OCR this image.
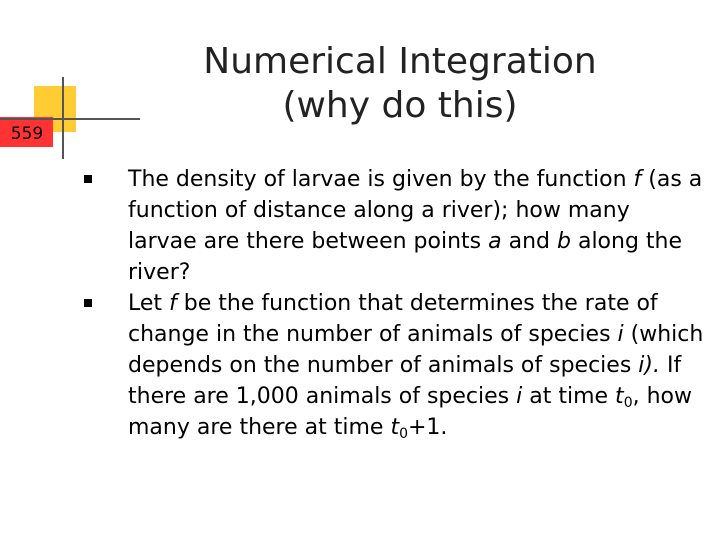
559
Numerical Integration
(why do this)
The density of larvae is given by the function f (as a function of distance along a river); how many larvae are there between points a and b along the river?
Let f be the function that determines the rate of change in the number of animals of species i (which depends on the number of animals of species i). If there are 1,000 animals of species i at time $t_0$, how many are there at time $t_0+1$.
